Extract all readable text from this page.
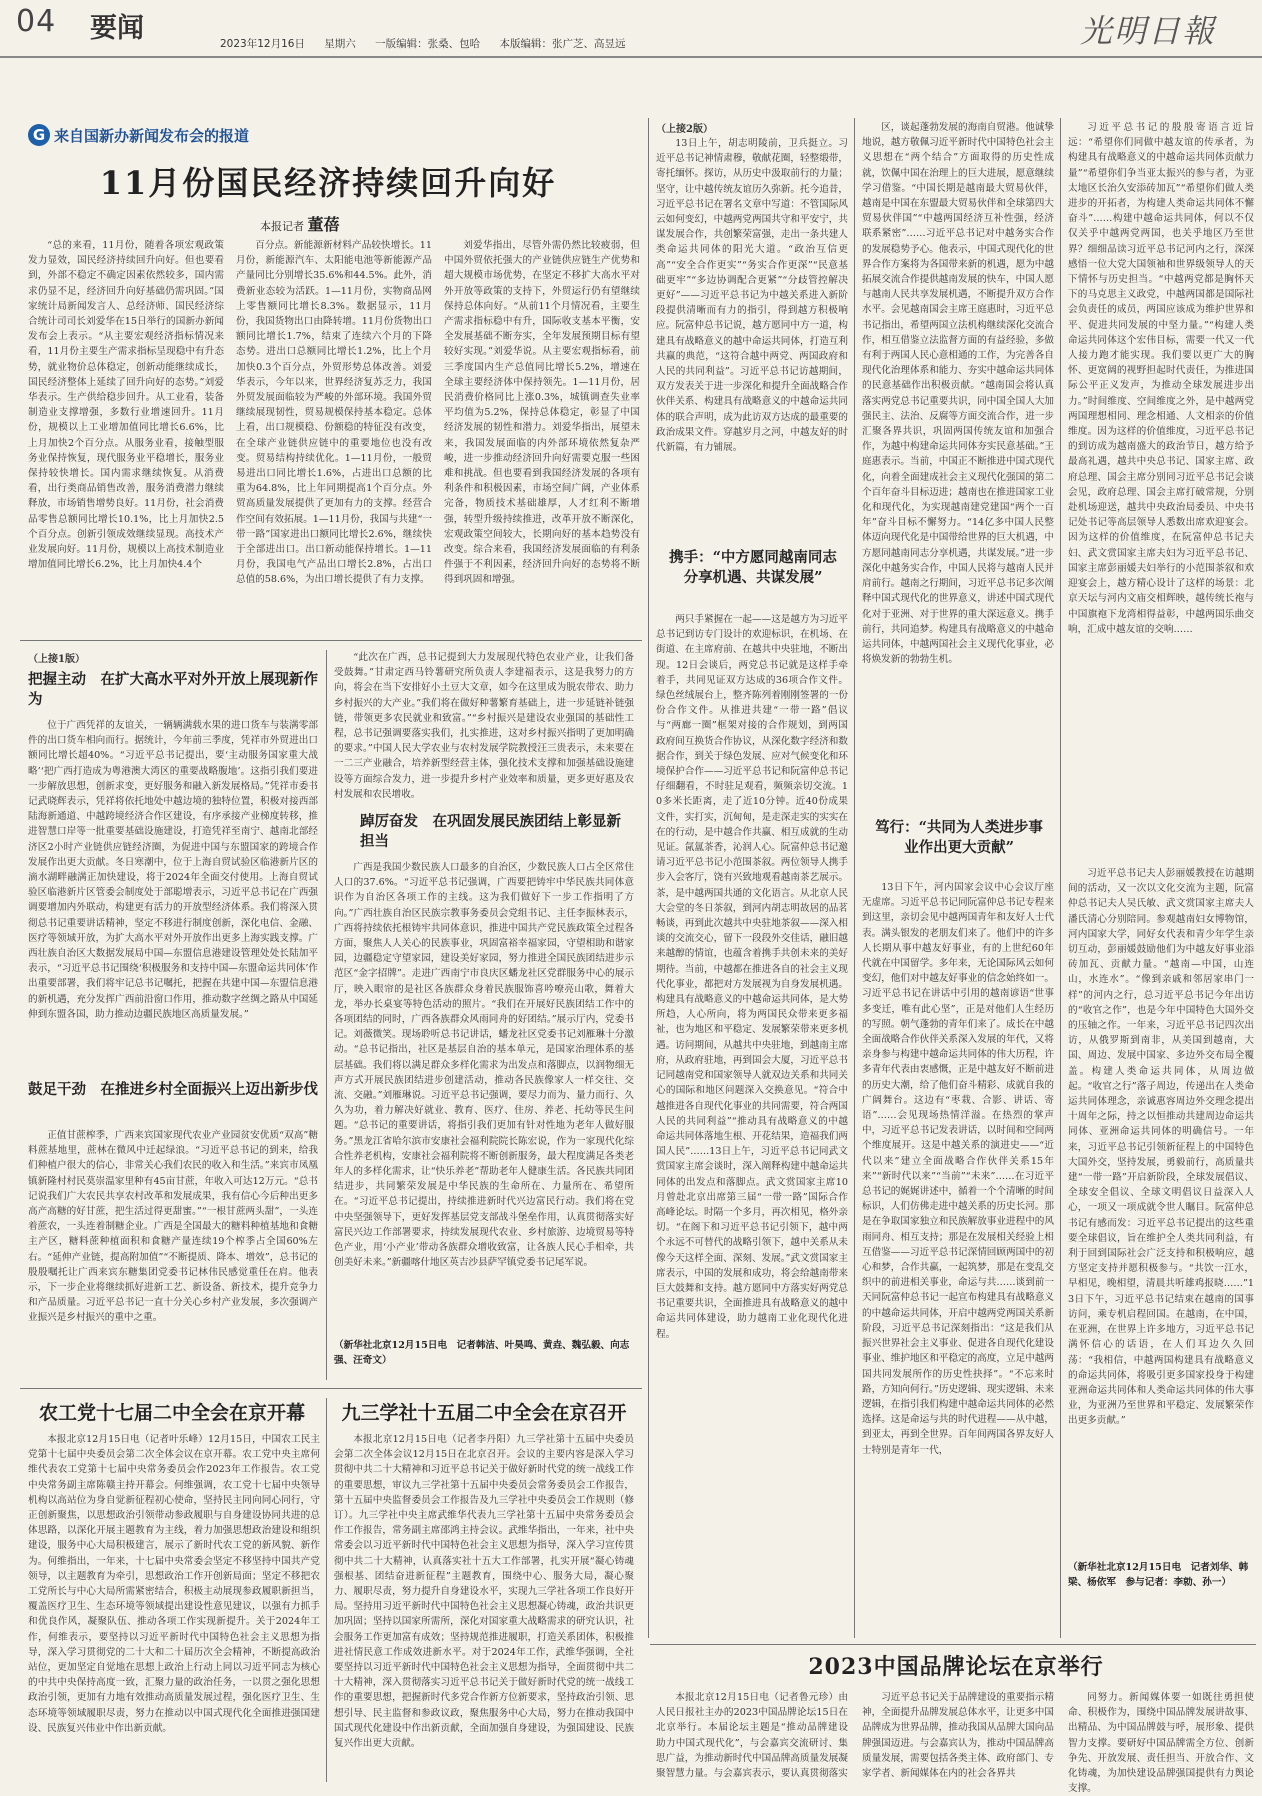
04 要闻	2023年12月16日 星期六 一版编辑：张桑、包哈 本版编辑：张广芝、高昱远	光明日報
G 来自国新办新闻发布会的报道
11月份国民经济持续回升向好
本报记者 董蓓

“总的来看，11月份，随着各项宏观政策发力显效，国民经济持续回升向好。但也要看到，外部不稳定不确定因素依然较多，国内需求仍显不足，经济回升向好基础仍需巩固。”国家统计局新闻发言人、总经济师、国民经济综合统计司司长刘爱华在15日举行的国新办新闻发布会上表示。“从主要宏观经济指标情况来看，11月份主要生产需求指标呈现稳中有升态势，就业物价总体稳定，创新动能继续成长，国民经济整体上延续了回升向好的态势。”刘爱华表示。生产供给稳步回升。从工业看，装备制造业支撑增强，多数行业增速回升。11月份，规模以上工业增加值同比增长6.6%，比上月加快2个百分点。从服务业看，接触型服务业保持恢复，现代服务业平稳增长，服务业保持较快增长。国内需求继续恢复。从消费看，出行类商品销售改善，服务消费潜力继续释放，市场销售增势良好。11月份，社会消费品零售总额同比增长10.1%，比上月加快2.5个百分点。创新引领成效继续显现。高技术产业发展向好。11月份，规模以上高技术制造业增加值同比增长6.2%，比上月加快4.4个

百分点。新能源新材料产品较快增长。11月份，新能源汽车、太阳能电池等新能源产品产量同比分别增长35.6%和44.5%。此外，消费新业态较为活跃。1—11月份，实物商品网上零售额同比增长8.3%。数据显示，11月份，我国货物出口由降转增。11月份货物出口额同比增长1.7%，结束了连续六个月的下降态势。进出口总额同比增长1.2%，比上个月加快0.3个百分点，外贸形势总体改善。刘爱华表示，今年以来，世界经济复苏乏力，我国外贸发展面临较为严峻的外部环境。我国外贸继续展现韧性，贸易规模保持基本稳定。总体上看，出口规模稳、份额稳的特征没有改变，在全球产业链供应链中的重要地位也没有改变。贸易结构持续优化。1—11月份，一般贸易进出口同比增长1.6%，占进出口总额的比重为64.8%，比上年同期提高1个百分点。外贸高质量发展提供了更加有力的支撑。经营合作空间有效拓展。1—11月份，我国与共建“一带一路”国家进出口额同比增长2.6%，继续快于全部进出口。出口新动能保持增长。1—11月份，我国电气产品出口增长2.8%，占出口总值的58.6%，为出口增长提供了有力支撑。

刘爱华指出，尽管外需仍然比较疲弱，但中国外贸依托强大的产业链供应链生产优势和超大规模市场优势，在坚定不移扩大高水平对外开放等政策的支持下，外贸运行仍有望继续保持总体向好。“从前11个月情况看，主要生产需求指标稳中有升，国际收支基本平衡，安全发展基础不断夯实，全年发展预期目标有望较好实现。”刘爱华说。从主要宏观指标看，前三季度国内生产总值同比增长5.2%，增速在全球主要经济体中保持领先。1—11月份，居民消费价格同比上涨0.3%，城镇调查失业率平均值为5.2%，保持总体稳定，彰显了中国经济发展的韧性和潜力。刘爱华指出，展望未来，我国发展面临的内外部环境依然复杂严峻，进一步推动经济回升向好需要克服一些困难和挑战。但也要看到我国经济发展的各项有利条件和积极因素，市场空间广阔，产业体系完备，物质技术基础雄厚，人才红利不断增强，转型升级持续推进，改革开放不断深化，宏观政策空间较大，长期向好的基本趋势没有改变。综合来看，我国经济发展面临的有利条件强于不利因素，经济回升向好的态势将不断得到巩固和增强。

（上接1版）
把握主动　在扩大高水平对外开放上展现新作为

位于广西凭祥的友谊关，一辆辆满载水果的进口货车与装满零部件的出口货车相向而行。据统计，今年前三季度，凭祥市外贸进出口额同比增长超40%。“习近平总书记提出，要‘主动服务国家重大战略’‘把广西打造成为粤港澳大湾区的重要战略腹地’。这指引我们要进一步解放思想，创新求变，更好服务和融入新发展格局。”凭祥市委书记武晓辉表示，凭祥将依托地处中越边境的独特位置，积极对接西部陆海新通道、中越跨境经济合作区建设，有序承接产业梯度转移，推进智慧口岸等一批重要基础设施建设，打造凭祥至南宁、越南北部经济区2小时产业链供应链经济圈，为促进中国与东盟国家的跨境合作发展作出更大贡献。冬日寒潮中，位于上海自贸试验区临港新片区的滴水湖畔融满正加快建设，将于2024年全面交付使用。上海自贸试验区临港新片区管委会制度处于部聪增表示，习近平总书记在广西强调要增加内外联动，构建更有活力的开放型经济体系。我们将深入贯彻总书记重要讲话精神，坚定不移进行制度创新，深化电信、金融、医疗等领域开放，为扩大高水平对外开放作出更多上海实践支撑。广西壮族自治区大数据发展局中国—东盟信息港建设管理处处长陆加平表示，“习近平总书记围绕‘积极服务和支持中国—东盟命运共同体’作出重要部署，我们将牢记总书记嘱托，把握在共建中国—东盟信息港的新机遇，充分发挥广西前沿窗口作用，推动数字丝绸之路从中国延伸到东盟各国，助力推动边疆民族地区高质量发展。”

鼓足干劲　在推进乡村全面振兴上迈出新步伐

正值甘蔗榨季，广西来宾国家现代农业产业园贫安优质“双高”糖料蔗基地里，蔗林在微风中迁起绿浪。“习近平总书记的到来，给我们种植户很大的信心，非常关心我们农民的收入和生活。”来宾市凤凰镇新隆村村民莫崇温家里种有45亩甘蔗，年收入可达12万元。“总书记说我们广大农民共享农村改革和发展成果，我有信心今后种出更多高产高糖的好甘蔗，把生活过得更甜蜜。”“一根甘蔗两头甜”，一头连着蔗农，一头连着制糖企业。广西是全国最大的糖料种植基地和食糖主产区，糖料蔗种植面积和食糖产量连续19个榨季占全国60%左右。“延伸产业链，提高附加值”“不断提质、降本、增效”，总书记的殷殷嘱托让广西来宾东糖集团党委书记林伟民感觉重任在肩。他表示，下一步企业将继续抓好进新工艺、新设备、新技术，提升竞争力和产品质量。习近平总书记一直十分关心乡村产业发展，多次强调产业振兴是乡村振兴的重中之重。

“此次在广西，总书记提到大力发展现代特色农业产业，让我们备受鼓舞。”甘肃定西马铃薯研究所负责人李建福表示，这是我努力的方向，将会在当下安排好小土豆大文章，如今在这里成为脱农带农、助力乡村振兴的大产业。”我们将在做好种薯繁育基础上，进一步延链补链强链，带领更多农民就业和致富。”“乡村振兴是建设农业强国的基础性工程，总书记强调要落实我们，扎实推进，这对乡村振兴指明了更加明确的要求。”中国人民大学农业与农村发展学院教授汪三贵表示，未来要在一二三产业融合，培养新型经营主体，强化技术支撑和加强基础设施建设等方面综合发力，进一步提升乡村产业效率和质量，更多更好惠及农村发展和农民增收。

踔厉奋发　在巩固发展民族团结上彰显新担当

广西是我国少数民族人口最多的自治区，少数民族人口占全区常住人口的37.6%。“习近平总书记强调，广西要把铸牢中华民族共同体意识作为自治区各项工作的主线。这为我们做好下一步工作指明了方向。”广西壮族自治区民族宗教事务委员会党组书记、主任李振林表示，广西将持续依托根铸牢共同体意识，推进中国共产党民族政策全过程各方面，聚焦人人关心的民族事业，巩固富裕幸福家园，守望相助和谐家园，边疆稳定守望家园，建设美好家园，努力推进全国民族团结进步示范区“金字招牌”。走进广西南宁市良庆区蟠龙社区党群服务中心的展示厅，映入眼帘的是社区各族群众身着民族服饰喜吟嘹亮山歌，舞着大龙，举办长桌宴等特色活动的照片。“我们在开展好民族团结工作中的各项团结的同时，广西各族群众风雨同舟的好团结。”展示厅内，党委书记。刘薇微笑。现场聆听总书记讲话，蟠龙社区党委书记刘雁琳十分激动。“总书记指出，社区是基层自治的基本单元，是国家治理体系的基层基础。我们将以满足群众多样化需求为出发点和落脚点，以润物细无声方式开展民族团结进步创建活动，推动各民族像家人一样交往、交流、交融。”刘雁琳说。习近平总书记强调，要尽力而为、量力而行、久久为功，着力解决好就业、教育、医疗、住房、养老、托幼等民生问题。“总书记的重要讲话，将指引我们更加有针对性地为老年人做好服务。”黑龙江省哈尔滨市安康社会福利院院长陈宏说，作为一家现代化综合性养老机构，安康社会福利院将不断创新服务，最大程度满足各类老年人的多样化需求，让“快乐养老”帮助老年人健康生活。各民族共同团结进步，共同繁荣发展是中华民族的生命所在、力量所在、希望所在。“习近平总书记提出，持续推进新时代兴边富民行动。我们将在党中央坚强领导下，更好发挥基层党支部战斗堡垒作用，认真贯彻落实好富民兴边工作部署要求，持续发展现代农业、乡村旅游、边境贸易等特色产业，用‘小产业’带动各族群众增收致富，让各族人民心手相牵，共创美好未来。”新疆喀什地区英吉沙县萨罕镇党委书记尾军说。

（新华社北京12月15日电　记者韩洁、叶昊鸣、黄垚、魏弘毅、向志强、汪奇文）
农工党十七届二中全会在京开幕

本报北京12月15日电（记者叶乐峰）12月15日，中国农工民主党第十七届中央委员会第二次全体会议在京开幕。农工党中央主席何维代表农工党第十七届中央常务委员会作2023年工作报告。农工党中央常务副主席陈赣主持开幕会。何维强调，农工党十七届中央领导机构以高站位为身自觉新征程初心使命，坚持民主同向同心同行，守正创新聚焦，以思想政治引领带动参政履职与自身建设协同共进的总体思路，以深化开展主题教育为主线，着力加强思想政治建设和组织建设，服务中心大局积极建言，展示了新时代农工党的新风貌、新作为。何维指出，一年来，十七届中央常委会坚定不移坚持中国共产党领导，以主题教育为牵引，思想政治工作开创新局面；坚定不移把农工党所长与中心大局所需紧密结合，积极主动展现参政履职新担当，覆盖医疗卫生、生态环境等领域提出建设性意见建议，以强有力抓手和优良作风，凝聚队伍、推动各项工作实现新提升。关于2024年工作，何维表示，要坚持以习近平新时代中国特色社会主义思想为指导，深入学习贯彻党的二十大和二十届历次全会精神，不断提高政治站位，更加坚定自觉地在思想上政治上行动上同以习近平同志为核心的中共中央保持高度一致，汇聚力量的政治任务，一以贯之强化思想政治引领，更加有力地有效推动高质量发展过程，强化医疗卫生、生态环境等领域履职尽责，努力在推动以中国式现代化全面推进强国建设、民族复兴伟业中作出新贡献。

九三学社十五届二中全会在京召开

本报北京12月15日电（记者李丹阳）九三学社第十五届中央委员会第二次全体会议12月15日在北京召开。会议的主要内容是深入学习贯彻中共二十大精神和习近平总书记关于做好新时代党的统一战线工作的重要思想，审议九三学社第十五届中央委员会常务委员会工作报告，第十五届中央监督委员会工作报告及九三学社中央委员会工作规则（修订）。九三学社中央主席武维华代表九三学社第十五届中央常务委员会作工作报告，常务副主席邵鸿主持会议。武维华指出，一年来，社中央常委会以习近平新时代中国特色社会主义思想为指导，深入学习宣传贯彻中共二十大精神，认真落实社十五大工作部署，扎实开展“凝心铸魂强根基、团结奋进新征程”主题教育，围绕中心、服务大局，凝心聚力、履职尽责，努力提升自身建设水平，实现九三学社各项工作良好开局。坚持用习近平新时代中国特色社会主义思想凝心铸魂，政治共识更加巩固；坚持以国家所需所，深化对国家重大战略需求的研究认识，社会服务工作更加富有成效；坚持规范推进履职，打造关系团体，积极推进社情民意工作成效进新水平。对于2024年工作，武维华强调，全社要坚持以习近平新时代中国特色社会主义思想为指导，全面贯彻中共二十大精神，深入贯彻落实习近平总书记关于做好新时代党的统一战线工作的重要思想，把握新时代多党合作新方位新要求，坚持政治引领、思想引导、民主监督和参政议政，聚焦服务中心大局，努力在推动我国中国式现代化建设中作出新贡献，全面加强自身建设，为强国建设、民族复兴作出更大贡献。

（上接2版）

13日上午，胡志明陵前，卫兵挺立。习近平总书记神情肃穆，敬献花圈，轻整缎带，寄托缅怀。探访，从历史中汲取前行的力量；坚守，让中越传统友谊历久弥新。托今追昔，习近平总书记在署名文章中写道：不管国际风云如何变幻，中越两党两国共守和平安宁，共谋发展合作，共创繁荣富强，走出一条共建人类命运共同体的阳光大道。“政治互信更高”“安全合作更实”“务实合作更深”“民意基础更牢”“多边协调配合更紧”“分歧管控解决更好”——习近平总书记为中越关系进入新阶段提供清晰而有力的指引，得到越方积极响应。阮富仲总书记说，越方愿同中方一道，构建具有战略意义的越中命运共同体，打造互利共赢的典范，“这符合越中两党、两国政府和人民的共同利益”。习近平总书记访越期间，双方发表关于进一步深化和提升全面战略合作伙伴关系、构建具有战略意义的中越命运共同体的联合声明，成为此访双方达成的最重要的政治成果文件。穿越岁月之河，中越友好的时代新篇，有力铺展。

携手：“中方愿同越南同志分享机遇、共谋发展”

两只手紧握在一起——这是越方为习近平总书记到访专门设计的欢迎标识，在机场、在街道、在主席府前、在越共中央驻地，不断出现。12日会谈后，两党总书记就是这样手牵着手，共同见证双方达成的36项合作文件。绿色丝绒展台上，整齐陈列着刚刚签署的一份份合作文件。从推进共建“一带一路”倡议与“两廊一圈”框架对接的合作规划，到两国政府间互换货合作协议，从深化数字经济和数据合作，到关于绿色发展、应对气候变化和环境保护合作——习近平总书记和阮富仲总书记仔细翻看，不时驻足观看，频频亲切交流。10多米长距离，走了近10分钟。近40份成果文件，实打实，沉甸甸，是走深走实的实实在在的行动，是中越合作共赢、相互成就的生动见证。氤氲茶香，沁润人心。阮富仲总书记邀请习近平总书记小范围茶叙。两位领导人携手步入会客厅，饶有兴致地观看越南茶艺展示。茶，是中越两国共通的文化语言。从北京人民大会堂的冬日茶叙，到河内胡志明故居的品茗畅谈，再到此次越共中央驻地茶叙——深入相谈的交流交心，留下一段段外交佳话，融旧越来越醇的情谊，也蕴含着携手共创未来的美好期待。当前，中越都在推进各自的社会主义现代化事业，都把对方发展视为自身发展机遇。构建具有战略意义的中越命运共同体，是大势所趋，人心所向，将为两国民众带来更多福祉，也为地区和平稳定、发展繁荣带来更多机遇。访问期间，从越共中央驻地，到越南主席府，从政府驻地，再到国会大厦，习近平总书记同越南党和国家领导人就双边关系和共同关心的国际和地区问题深入交换意见。“符合中越推进各自现代化事业的共同需要，符合两国人民的共同利益”“推动具有战略意义的中越命运共同体落地生根、开花结果，造福我们两国人民”……13日上午，习近平总书记同武文赏国家主席会谈时，深入阐释构建中越命运共同体的出发点和落脚点。武文赏国家主席10月曾赴北京出席第三届“一带一路”国际合作高峰论坛。时隔一个多月，再次相见，格外亲切。“在阁下和习近平总书记引领下，越中两个永远不可替代的战略引领下，越中关系从未像今天这样全面、深刻、发展。”武文赏国家主席表示，中国的发展和成功，将会给越南带来巨大鼓舞和支持。越方愿同中方落实好两党总书记重要共识，全面推进具有战略意义的越中命运共同体建设，助力越南工业化现代化进程。

区，谈起蓬勃发展的海南自贸港。他诚挚地说，越方敬佩习近平新时代中国特色社会主义思想在“两个结合”方面取得的历史性成就，饮佩中国在治理上的巨大进展，愿意继续学习借鉴。“中国长期是越南最大贸易伙伴，越南是中国在东盟最大贸易伙伴和全球第四大贸易伙伴国”“中越两国经济互补性强，经济联系紧密”……习近平总书记对中越务实合作的发展稳势予心。他表示，中国式现代化的世界合作方案将为各国带来新的机遇，愿为中越拓展交流合作提供越南发展的快车，中国人愿与越南人民共享发展机遇，不断提升双方合作水平。会见越南国会主席王庭惠时，习近平总书记指出，希望两国立法机构继续深化交流合作，相互借鉴立法监督方面的有益经验，多做有利于两国人民心意相通的工作，为完善各自现代化治理体系和能力、夯实中越命运共同体的民意基础作出积极贡献。“越南国会将认真落实两党总书记重要共识，同中国全国人大加强民主、法治、反腐等方面交流合作，进一步汇聚各界共识，巩固两国传统友谊和加强合作，为越中构建命运共同体夯实民意基础。”王庭惠表示。当前，中国正不断推进中国式现代化，向着全面建成社会主义现代化强国的第二个百年奋斗目标迈进；越南也在推进国家工业化和现代化，为实现越南建党建国“两个一百年”奋斗目标不懈努力。“14亿多中国人民整体迈向现代化是中国带给世界的巨大机遇，中方愿同越南同志分享机遇，共谋发展。”进一步深化中越务实合作，中国人民将与越南人民并肩前行。越南之行期间，习近平总书记多次阐释中国式现代化的世界意义，讲述中国式现代化对于亚洲、对于世界的重大深远意义。携手前行，共同追梦。构建具有战略意义的中越命运共同体，中越两国社会主义现代化事业，必将焕发新的勃勃生机。

笃行：“共同为人类进步事业作出更大贡献”

13日下午，河内国家会议中心会议厅座无虚席。习近平总书记同阮富仲总书记专程来到这里，亲切会见中越两国青年和友好人士代表。满头银发的老朋友们来了。他们中的许多人长期从事中越友好事业，有的上世纪60年代就在中国留学。多年来，无论国际风云如何变幻，他们对中越友好事业的信念始终如一。习近平总书记在讲话中引用的越南谚语“世事多变迁，唯有此心坚”，正是对他们人生经历的写照。朝气蓬勃的青年们来了。成长在中越全面战略合作伙伴关系深入发展的年代，又将亲身参与构建中越命运共同体的伟大历程，许多青年代表由衷感慨，正是中越友好不断前进的历史大潮，给了他们奋斗精彩、成就自我的广阔舞台。这边有“枣栽、合影、讲话、寄语”……会见现场热情洋溢。在热烈的掌声中，习近平总书记发表讲话，以时间和空间两个维度展开。这是中越关系的演进史——“近代以来”建立全面战略合作伙伴关系15年来”“新时代以来”“当前”“未来”……在习近平总书记的娓娓讲述中，循着一个个清晰的时间标识，人们仿佛走进中越关系的历史长河。那是在争取国家独立和民族解放事业进程中的风雨同舟、相互支持；那是在发展相关经验上相互借鉴——习近平总书记深情回顾两国中的初心和梦，合作共赢，一起筑梦，那是在变乱交织中的前进相关事业，命运与共……谈到前一天同阮富仲总书记一起宣布构建具有战略意义的中越命运共同体，开启中越两党两国关系新阶段，习近平总书记深刻指出：“这是我们从振兴世界社会主义事业、促进各自现代化建设事业、维护地区和平稳定的高度，立足中越两国共同发展所作的历史性抉择”。“不忘来时路，方知向何行。”历史逻辑、现实逻辑、未来逻辑，在指引我们构建中越命运共同体的必然选择。这是命运与共的时代进程——从中越，到亚太，再到全世界。百年间两国各界友好人士特别是青年一代，

习近平总书记的殷殷寄语言近旨远：“希望你们同做中越友谊的传承者，为构建具有战略意义的中越命运共同体贡献力量”“希望你们争当亚太振兴的参与者，为亚太地区长治久安添砖加瓦”“希望你们做人类进步的开拓者，为构建人类命运共同体不懈奋斗”……构建中越命运共同体，何以不仅仅关乎中越两党两国，也关乎地区乃至世界？细细品读习近平总书记河内之行，深深感悟一位大党大国领袖和世界级领导人的天下情怀与历史担当。“中越两党都是胸怀天下的马克思主义政党，中越两国都是国际社会负责任的成员，两国应该成为维护世界和平、促进共同发展的中坚力量。”“构建人类命运共同体这个宏伟目标，需要一代又一代人接力跑才能实现。我们要以更广大的胸怀、更宽阔的视野担起时代责任，为推进国际公平正义发声，为推动全球发展进步出力。”时间维度、空间维度之外，是中越两党两国理想相同、理念相通、人文相亲的价值维度。因为这样的价值维度，习近平总书记的到访成为越南盛大的政治节日，越方给予最高礼遇，越共中央总书记、国家主席、政府总理、国会主席分别同习近平总书记会谈会见，政府总理、国会主席打破常规，分别赴机场迎送，越共中央政治局委员、中央书记处书记等高层领导人悉数出席欢迎宴会。因为这样的价值维度，在阮富仲总书记夫妇、武文赏国家主席夫妇为习近平总书记、国家主席彭丽媛夫妇举行的小范围茶叙和欢迎宴会上，越方精心设计了这样的场景：北京天坛与河内文庙交相辉映，越传统长袍与中国旗袍下龙湾相得益彰，中越两国乐曲交响，汇成中越友谊的交响……

习近平总书记夫人彭丽媛教授在访越期间的活动，又一次以文化交流为主题，阮富仲总书记夫人吴氏敏、武文赏国家主席夫人潘氏清心分别陪同。参观越南妇女博物馆，河内国家大学，同好女代表和青少年学生亲切互动，彭丽媛鼓励他们为中越友好事业添砖加瓦、贡献力量。“越南—中国，山连山，水连水”。“像到亲戚和邻居家串门一样”的河内之行，总习近平总书记今年出访的“收官之作”，也是今年中国特色大国外交的压轴之作。一年来，习近平总书记四次出访，从俄罗斯到南非，从美国到越南，大国、周边、发展中国家、多边外交布局全覆盖。构建人类命运共同体，从周边做起。“收官之行”落子周边，传递出在人类命运共同体理念，亲诚惠容周边外交理念提出十周年之际，持之以恒推动共建周边命运共同体、亚洲命运共同体的明确信号。一年来，习近平总书记引领新征程上的中国特色大国外交，坚持发展，勇毅前行，高质量共建“一带一路”开启新阶段，全球发展倡议、全球安全倡议、全球文明倡议日益深入人心，一项又一项成就令世人瞩目。阮富仲总书记有感而发：习近平总书记提出的这些重要全球倡议，旨在维护全人类共同利益，有利于回到国际社会广泛支持和积极响应，越方坚定支持并愿积极参与。“共饮一江水，早相见，晚相望，清晨共听雄鸡报晓……”13日下午，习近平总书记结束在越南的国事访问，乘专机启程回国。在越南，在中国，在亚洲，在世界上许多地方，习近平总书记满怀信心的话语，在人们耳边久久回荡：“我相信，中越两国构建具有战略意义的命运共同体，将吸引更多国家投身于构建亚洲命运共同体和人类命运共同体的伟大事业，为亚洲乃至世界和平稳定、发展繁荣作出更多贡献。”

（新华社北京12月15日电　记者刘华、韩梁、杨依军　参与记者：李勍、孙一）
2023中国品牌论坛在京举行

本报北京12月15日电（记者鲁元珍）由人民日报社主办的2023中国品牌论坛15日在北京举行。本届论坛主题是“推动品牌建设　助力中国式现代化”，与会嘉宾交流研讨、集思广益，为推动新时代中国品牌高质量发展凝聚智慧力量。与会嘉宾表示，要认真贯彻落实

习近平总书记关于品牌建设的重要指示精神，全面提升品牌发展总体水平，让更多中国品牌成为世界品牌，推动我国从品牌大国向品牌强国迈进。与会嘉宾认为，推动中国品牌高质量发展，需要包括各类主体、政府部门、专家学者、新闻媒体在内的社会各界共

同努力。新闻媒体要一如既往勇担使命、积极作为，围绕中国品牌发展讲故事、出精品、为中国品牌鼓与呼，展形象、提供智力支撑。要研好中国品牌需全方位、创新争先、开放发展、责任担当、开放合作、文化铸魂，为加快建设品牌强国提供有力舆论支撑。
